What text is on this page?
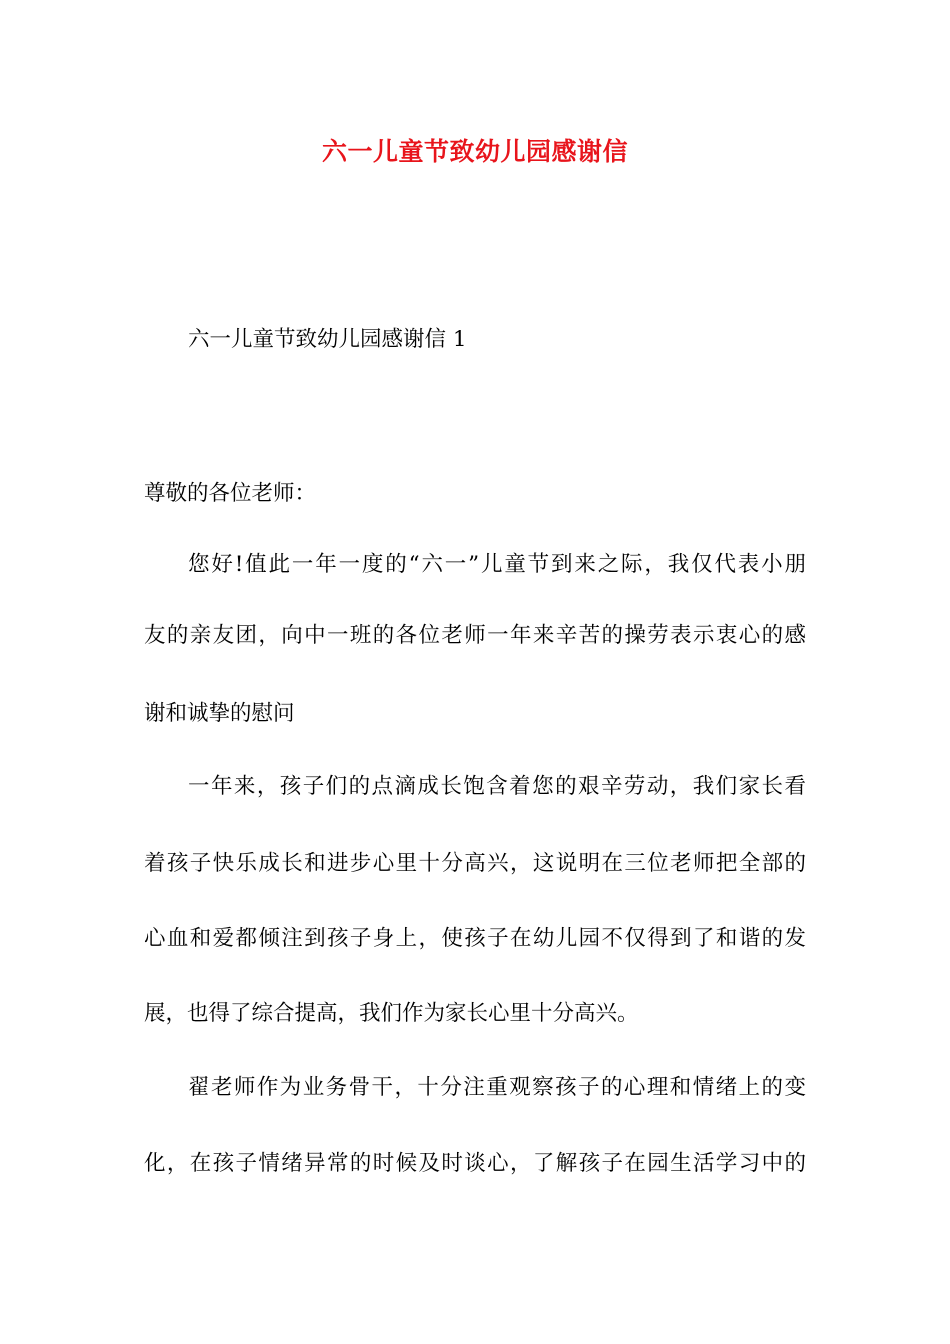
六一儿童节致幼儿园感谢信
六一儿童节致幼儿园感谢信 1
尊敬的各位老师：
您好!值此一年一度的“六一”儿童节到来之际，我仅代表小朋
友的亲友团，向中一班的各位老师一年来辛苦的操劳表示衷心的感
谢和诚挚的慰问
一年来，孩子们的点滴成长饱含着您的艰辛劳动，我们家长看
着孩子快乐成长和进步心里十分高兴，这说明在三位老师把全部的
心血和爱都倾注到孩子身上，使孩子在幼儿园不仅得到了和谐的发
展，也得了综合提高，我们作为家长心里十分高兴。
翟老师作为业务骨干，十分注重观察孩子的心理和情绪上的变
化，在孩子情绪异常的时候及时谈心，了解孩子在园生活学习中的
